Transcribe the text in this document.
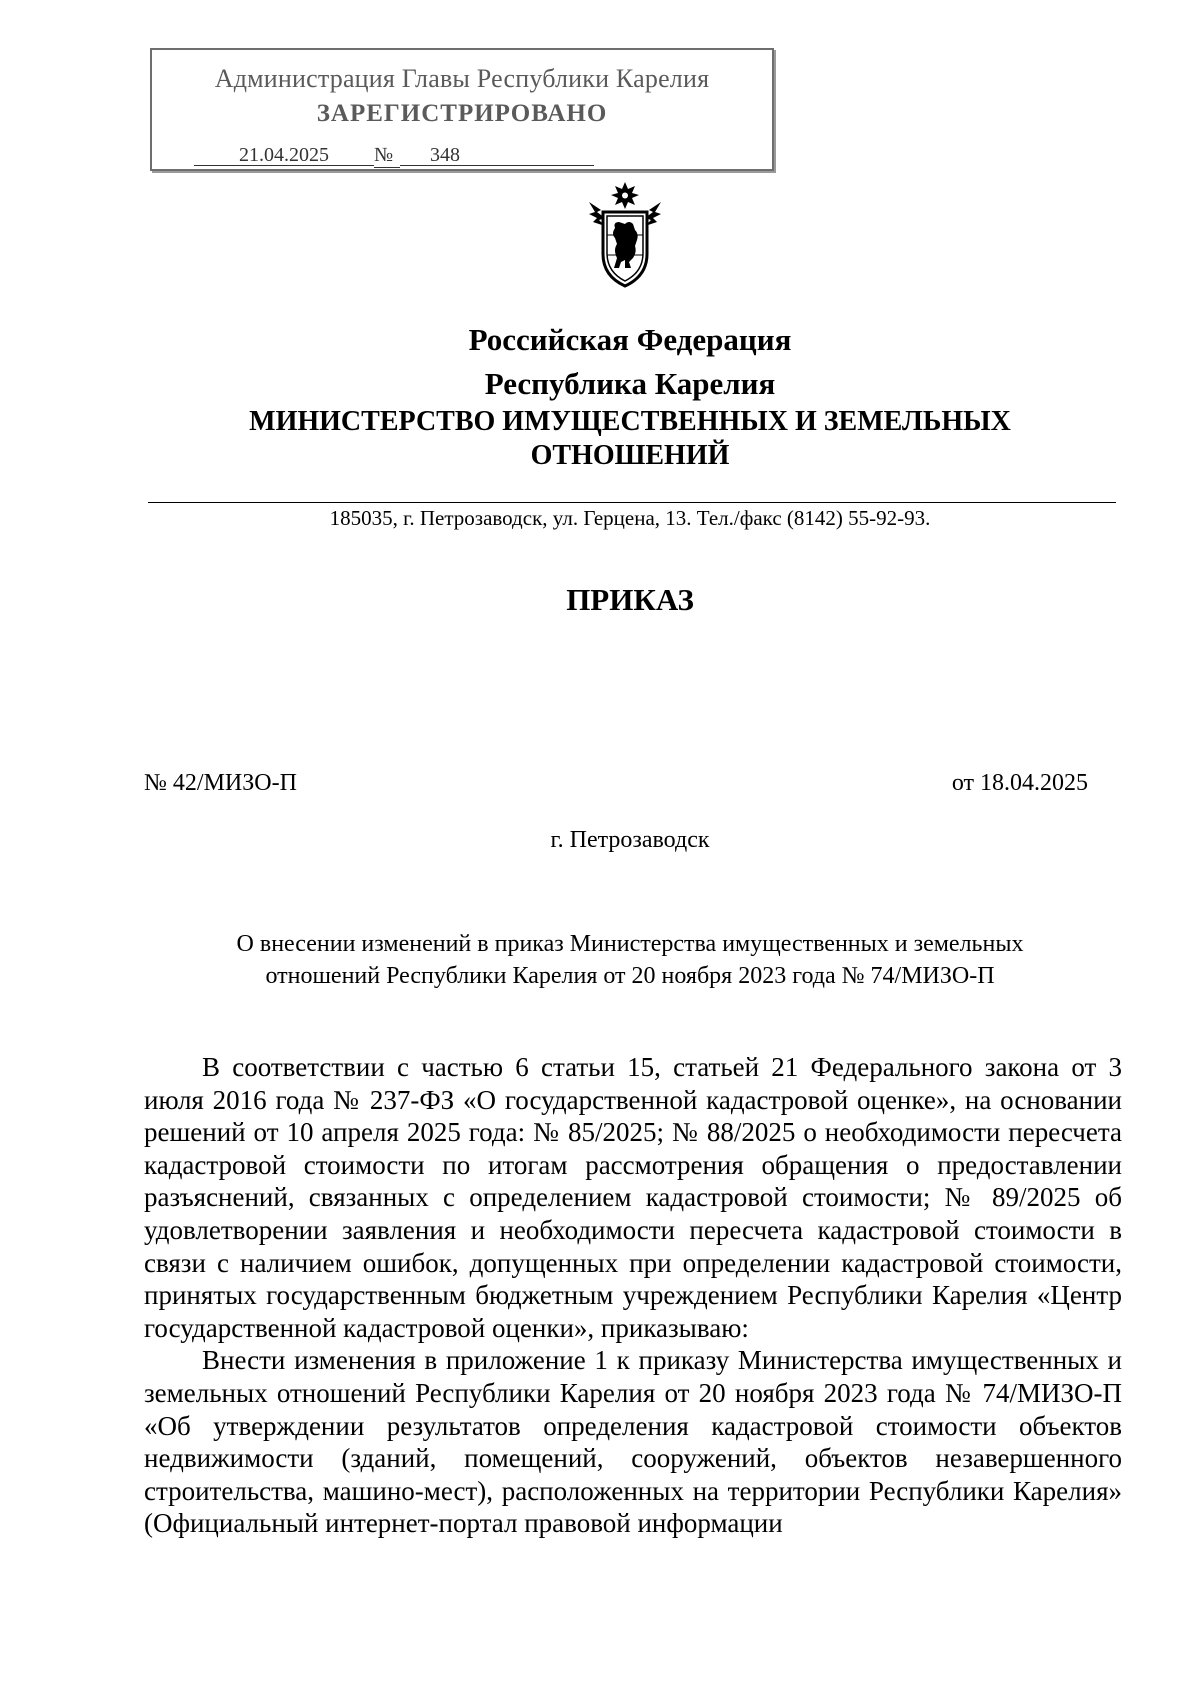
Администрация Главы Республики Карелия
ЗАРЕГИСТРИРОВАНО
21.04.2025 № 348
Российская Федерация
Республика Карелия
МИНИСТЕРСТВО ИМУЩЕСТВЕННЫХ И ЗЕМЕЛЬНЫХ
ОТНОШЕНИЙ
185035, г. Петрозаводск, ул. Герцена, 13. Тел./факс (8142) 55-92-93.
ПРИКАЗ
№ 42/МИЗО-П	от 18.04.2025
г. Петрозаводск
О внесении изменений в приказ Министерства имущественных и земельных
отношений Республики Карелия от 20 ноября 2023 года № 74/МИЗО-П

В соответствии с частью 6 статьи 15, статьей 21 Федерального закона от 3 июля 2016 года № 237-ФЗ «О государственной кадастровой оценке», на основании решений от 10 апреля 2025 года: № 85/2025; № 88/2025 о необходимости пересчета кадастровой стоимости по итогам рассмотрения обращения о предоставлении разъяснений, связанных с определением кадастровой стоимости; № 89/2025 об удовлетворении заявления и необходимости пересчета кадастровой стоимости в связи с наличием ошибок, допущенных при определении кадастровой стоимости, принятых государственным бюджетным учреждением Республики Карелия «Центр государственной кадастровой оценки», приказываю:

Внести изменения в приложение 1 к приказу Министерства имущественных и земельных отношений Республики Карелия от 20 ноября 2023 года № 74/МИЗО-П «Об утверждении результатов определения кадастровой стоимости объектов недвижимости (зданий, помещений, сооружений, объектов незавершенного строительства, машино-мест), расположенных на территории Республики Карелия» (Официальный интернет-портал правовой информации
